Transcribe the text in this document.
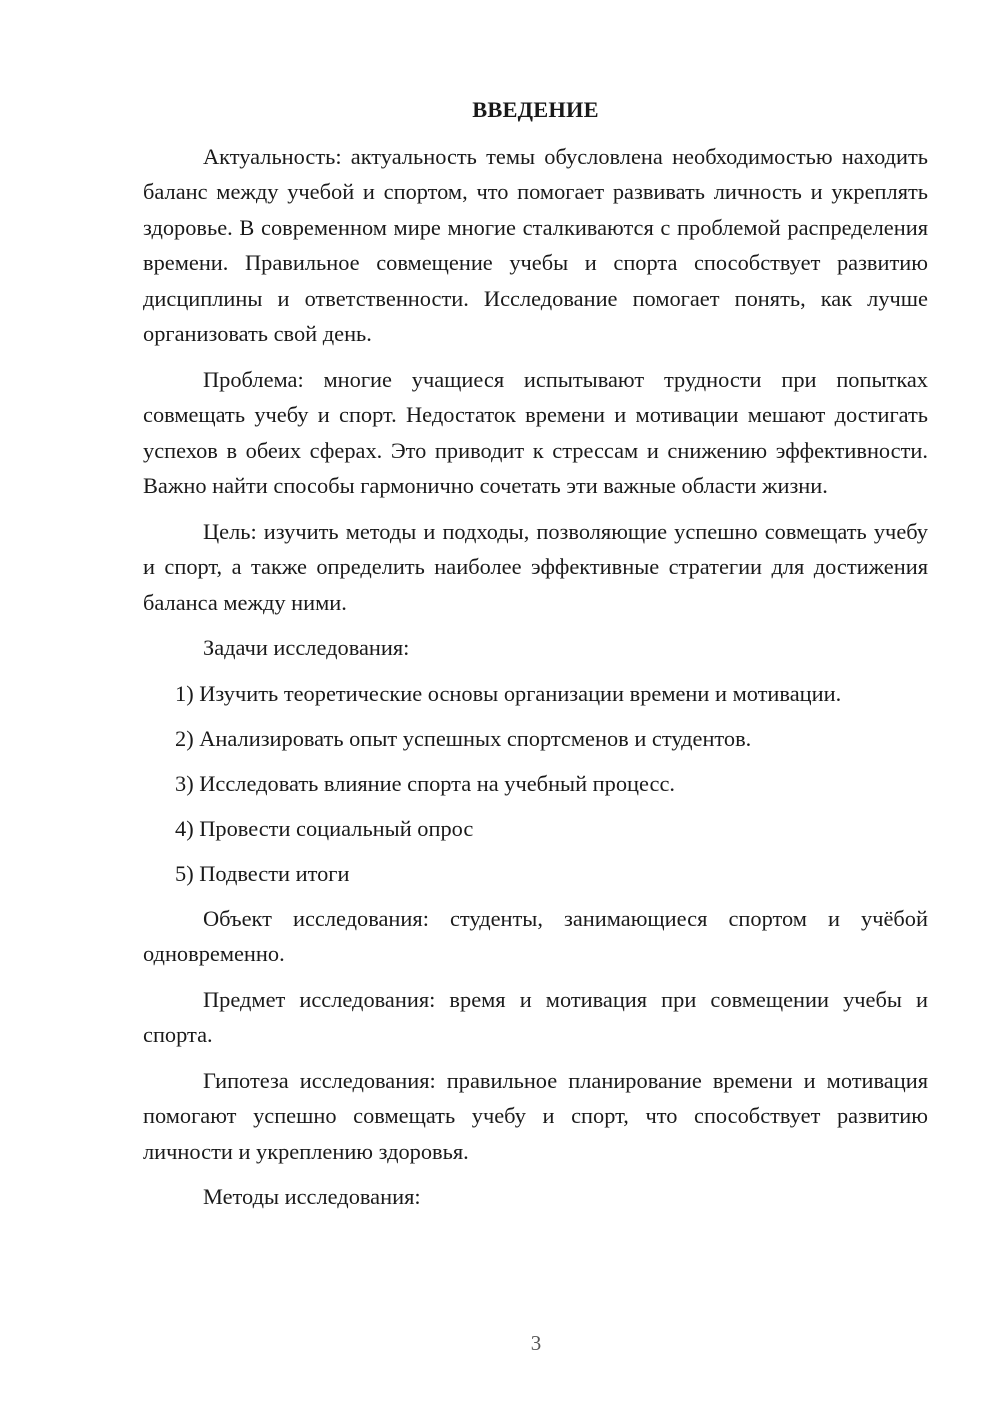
ВВЕДЕНИЕ

Актуальность: актуальность темы обусловлена необходимостью находить баланс между учебой и спортом, что помогает развивать личность и укреплять здоровье. В современном мире многие сталкиваются с проблемой распределения времени. Правильное совмещение учебы и спорта способствует развитию дисциплины и ответственности. Исследование помогает понять, как лучше организовать свой день.

Проблема: многие учащиеся испытывают трудности при попытках совмещать учебу и спорт. Недостаток времени и мотивации мешают достигать успехов в обеих сферах. Это приводит к стрессам и снижению эффективности. Важно найти способы гармонично сочетать эти важные области жизни.

Цель: изучить методы и подходы, позволяющие успешно совмещать учебу и спорт, а также определить наиболее эффективные стратегии для достижения баланса между ними.

Задачи исследования:

1) Изучить теоретические основы организации времени и мотивации.
2) Анализировать опыт успешных спортсменов и студентов.
3) Исследовать влияние спорта на учебный процесс.
4) Провести социальный опрос
5) Подвести итоги

Объект исследования: студенты, занимающиеся спортом и учёбой одновременно.

Предмет исследования: время и мотивация при совмещении учебы и спорта.

Гипотеза исследования: правильное планирование времени и мотивация помогают успешно совмещать учебу и спорт, что способствует развитию личности и укреплению здоровья.

Методы исследования:

3
